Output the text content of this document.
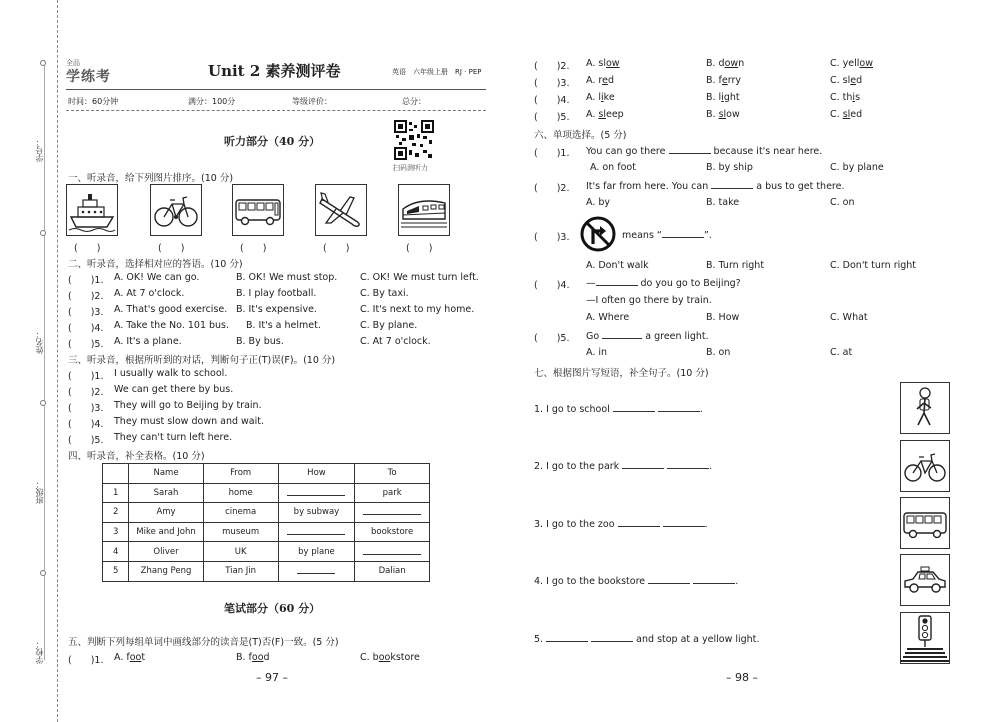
学号：
姓名：
班级：
学校：
全品
学练考	Unit 2 素养测评卷	英语　六年级上册　RJ · PEP
时间：60分钟	满分：100分	等级评价：	总分：
听力部分（40 分）
扫码测听力
一、听录音，给下列图片排序。(10 分)
(　　)	(　　)	(　　)	(　　)	(　　)
二、听录音，选择相对应的答语。(10 分)
(　　)1. A. OK! We can go.	B. OK! We must stop. C. OK! We must turn left.
(　　)2. A. At 7 o'clock.	B. I play football.	C. By taxi.
(　　)3. A. That's good exercise. B. It's expensive.	C. It's next to my home.
(　　)4. A. Take the No. 101 bus. B. It's a helmet.	C. By plane.
(　　)5. A. It's a plane.	B. By bus.	C. At 7 o'clock.
三、听录音，根据所听到的对话，判断句子正(T)误(F)。(10 分)
(　　)1. I usually walk to school.
(　　)2. We can get there by bus.
(　　)3. They will go to Beijing by train.
(　　)4. They must slow down and wait.
(　　)5. They can't turn left here.
四、听录音，补全表格。(10 分)
	Name	From	How	To
1	Sarah	home		park
2	Amy	cinema	by subway	
3	Mike and John	museum		bookstore
4	Oliver	UK	by plane	
5	Zhang Peng	Tian Jin		Dalian
笔试部分（60 分）
五、判断下列每组单词中画线部分的读音是(T)否(F)一致。(5 分)
(　　)1. A. foot	B. food	C. bookstore
– 97 –
(　　)2. A. slow	B. down	C. yellow
(　　)3. A. red	B. ferry	C. sled
(　　)4. A. like	B. light	C. this
(　　)5. A. sleep	B. slow	C. sled
六、单项选择。(5 分)
(　　)1. You can go there	because it's near here.
A. on foot	B. by ship	C. by plane
(　　)2. It's far from here. You can	a bus to get there.
A. by	B. take	C. on
(　　)3.	means “	”.
A. Don't walk	B. Turn right	C. Don't turn right
(　　)4. —	do you go to Beijing?
—I often go there by train.
A. Where	B. How	C. What
(　　)5. Go	a green light.
A. in	B. on	C. at
七、根据图片写短语，补全句子。(10 分)
1. I go to school	.
2. I go to the park	.
3. I go to the zoo	.
4. I go to the bookstore	.
5.	and stop at a yellow light.
– 98 –
